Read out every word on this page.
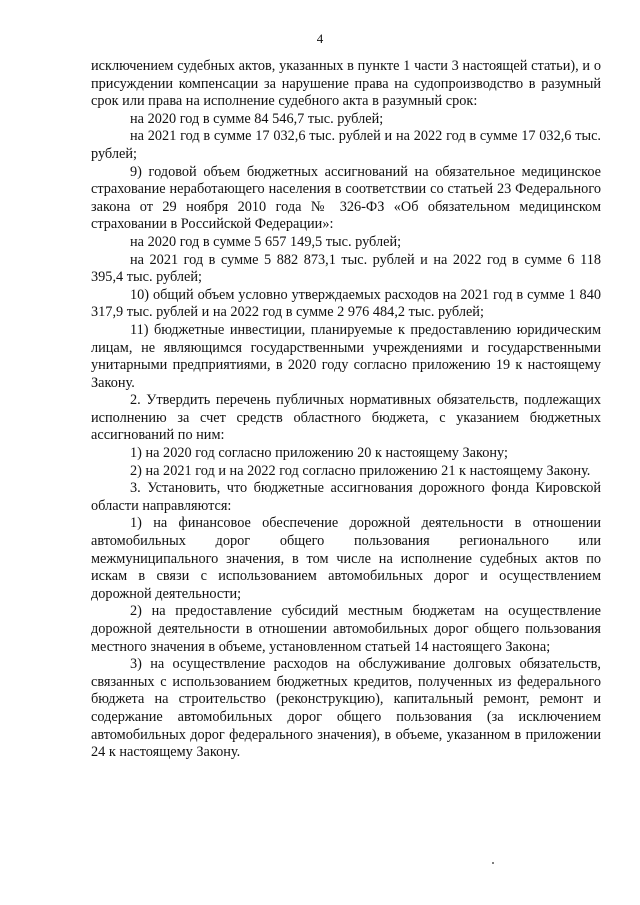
4

исключением судебных актов, указанных в пункте 1 части 3 настоящей статьи), и о присуждении компенсации за нарушение права на судопроизводство в разумный срок или права на исполнение судебного акта в разумный срок:

на 2020 год в сумме 84 546,7 тыс. рублей;

на 2021 год в сумме 17 032,6 тыс. рублей и на 2022 год в сумме 17 032,6 тыс. рублей;

9) годовой объем бюджетных ассигнований на обязательное медицинское страхование неработающего населения в соответствии со статьей 23 Федерального закона от 29 ноября 2010 года № 326-ФЗ «Об обязательном медицинском страховании в Российской Федерации»:

на 2020 год в сумме 5 657 149,5 тыс. рублей;

на 2021 год в сумме 5 882 873,1 тыс. рублей и на 2022 год в сумме 6 118 395,4 тыс. рублей;

10) общий объем условно утверждаемых расходов на 2021 год в сумме 1 840 317,9 тыс. рублей и на 2022 год в сумме 2 976 484,2 тыс. рублей;

11) бюджетные инвестиции, планируемые к предоставлению юридическим лицам, не являющимся государственными учреждениями и государственными унитарными предприятиями, в 2020 году согласно приложению 19 к настоящему Закону.

2. Утвердить перечень публичных нормативных обязательств, подлежащих исполнению за счет средств областного бюджета, с указанием бюджетных ассигнований по ним:

1) на 2020 год согласно приложению 20 к настоящему Закону;

2) на 2021 год и на 2022 год согласно приложению 21 к настоящему Закону.

3. Установить, что бюджетные ассигнования дорожного фонда Кировской области направляются:

1) на финансовое обеспечение дорожной деятельности в отношении автомобильных дорог общего пользования регионального или межмуниципального значения, в том числе на исполнение судебных актов по искам в связи с использованием автомобильных дорог и осуществлением дорожной деятельности;

2) на предоставление субсидий местным бюджетам на осуществление дорожной деятельности в отношении автомобильных дорог общего пользования местного значения в объеме, установленном статьей 14 настоящего Закона;

3) на осуществление расходов на обслуживание долговых обязательств, связанных с использованием бюджетных кредитов, полученных из федерального бюджета на строительство (реконструкцию), капитальный ремонт, ремонт и содержание автомобильных дорог общего пользования (за исключением автомобильных дорог федерального значения), в объеме, указанном в приложении 24 к настоящему Закону.
